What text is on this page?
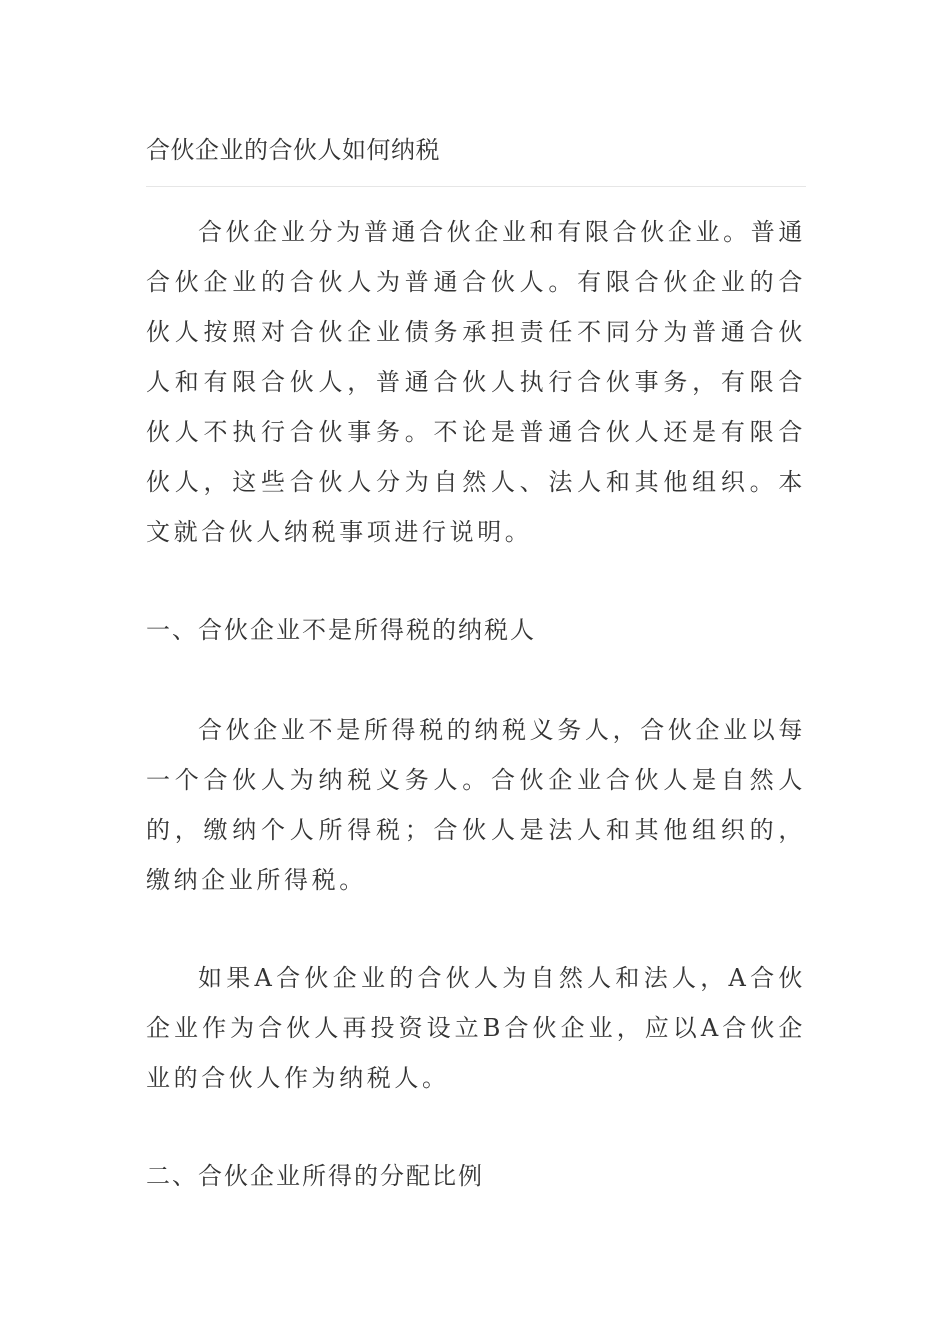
合伙企业的合伙人如何纳税

合伙企业分为普通合伙企业和有限合伙企业。普通合伙企业的合伙人为普通合伙人。有限合伙企业的合伙人按照对合伙企业债务承担责任不同分为普通合伙人和有限合伙人，普通合伙人执行合伙事务，有限合伙人不执行合伙事务。不论是普通合伙人还是有限合伙人，这些合伙人分为自然人、法人和其他组织。本文就合伙人纳税事项进行说明。

一、合伙企业不是所得税的纳税人

合伙企业不是所得税的纳税义务人，合伙企业以每一个合伙人为纳税义务人。合伙企业合伙人是自然人的，缴纳个人所得税；合伙人是法人和其他组织的，缴纳企业所得税。

如果A合伙企业的合伙人为自然人和法人，A合伙企业作为合伙人再投资设立B合伙企业，应以A合伙企业的合伙人作为纳税人。

二、合伙企业所得的分配比例
